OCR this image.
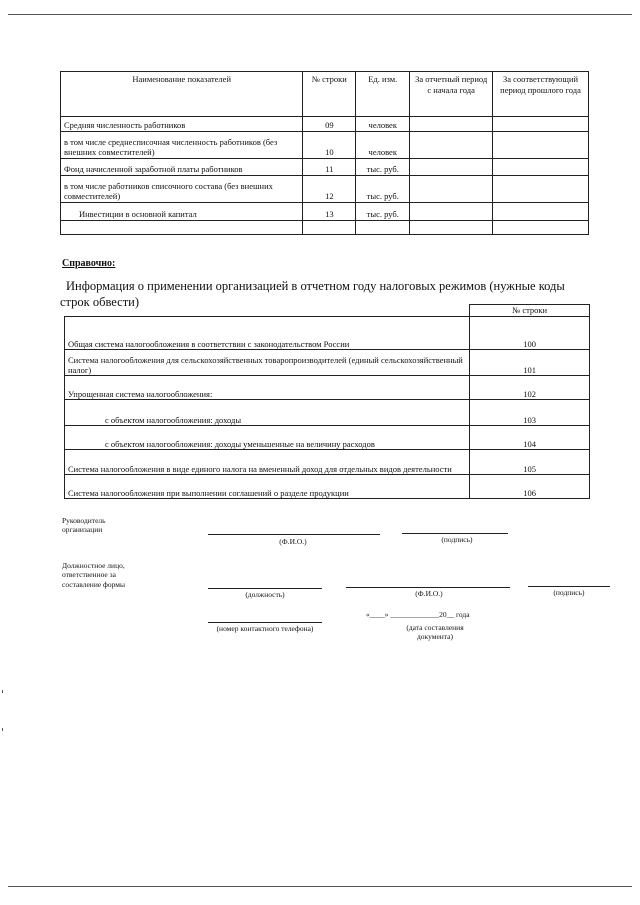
Наименование показателей	№ строки	Ед. изм.	За отчетный период с начала года	За соответствующий период прошлого года
Средняя численность работников	09	человек		
в том числе среднесписочная численность работников (без внешних совместителей)	10	человек		
Фонд начисленной заработной платы работников	11	тыс. руб.		
в том числе работников списочного состава (без внешних совместителей)	12	тыс. руб.		
Инвестиции в основной капитал	13	тыс. руб.		

Справочно:
Информация о применении организацией в отчетном году налоговых режимов (нужные коды строк обвести)
	№ строки
Общая система налогообложения в соответствии с законодательством России	100
Система налогообложения для сельскохозяйственных товаропроизводителей (единый сельскохозяйственный налог)	101
Упрощенная система налогообложения:	102
с объектом налогообложения: доходы	103
с объектом налогообложения: доходы уменьшенные на величину расходов	104
Система налогообложения в виде единого налога на вмененный доход для отдельных видов деятельности	105
Система налогообложения при выполнении соглашений о разделе продукции	106
Руководитель организации
(Ф.И.О.)	(подпись)
Должностное лицо, ответственное за составление формы
(должность)	(Ф.И.О.)	(подпись)
(номер контактного телефона)
«____» _____________20__ года
(дата составления документа)
